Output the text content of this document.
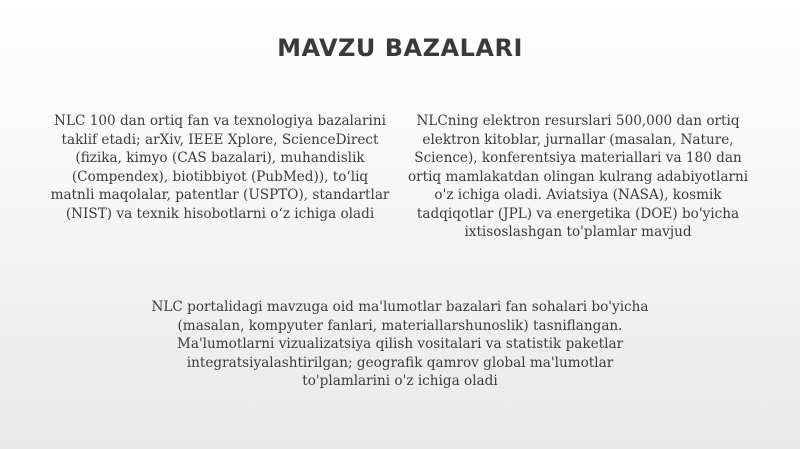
MAVZU BAZALARI

NLC 100 dan ortiq fan va texnologiya bazalarini taklif etadi; arXiv, IEEE Xplore, ScienceDirect (fizika, kimyo (CAS bazalari), muhandislik (Compendex), biotibbiyot (PubMed)), to‘liq matnli maqolalar, patentlar (USPTO), standartlar (NIST) va texnik hisobotlarni o‘z ichiga oladi

NLCning elektron resurslari 500,000 dan ortiq elektron kitoblar, jurnallar (masalan, Nature, Science), konferentsiya materiallari va 180 dan ortiq mamlakatdan olingan kulrang adabiyotlarni o'z ichiga oladi. Aviatsiya (NASA), kosmik tadqiqotlar (JPL) va energetika (DOE) bo'yicha ixtisoslashgan to'plamlar mavjud

NLC portalidagi mavzuga oid ma'lumotlar bazalari fan sohalari bo'yicha (masalan, kompyuter fanlari, materiallarshunoslik) tasniflangan. Ma'lumotlarni vizualizatsiya qilish vositalari va statistik paketlar integratsiyalashtirilgan; geografik qamrov global ma'lumotlar to'plamlarini o'z ichiga oladi
